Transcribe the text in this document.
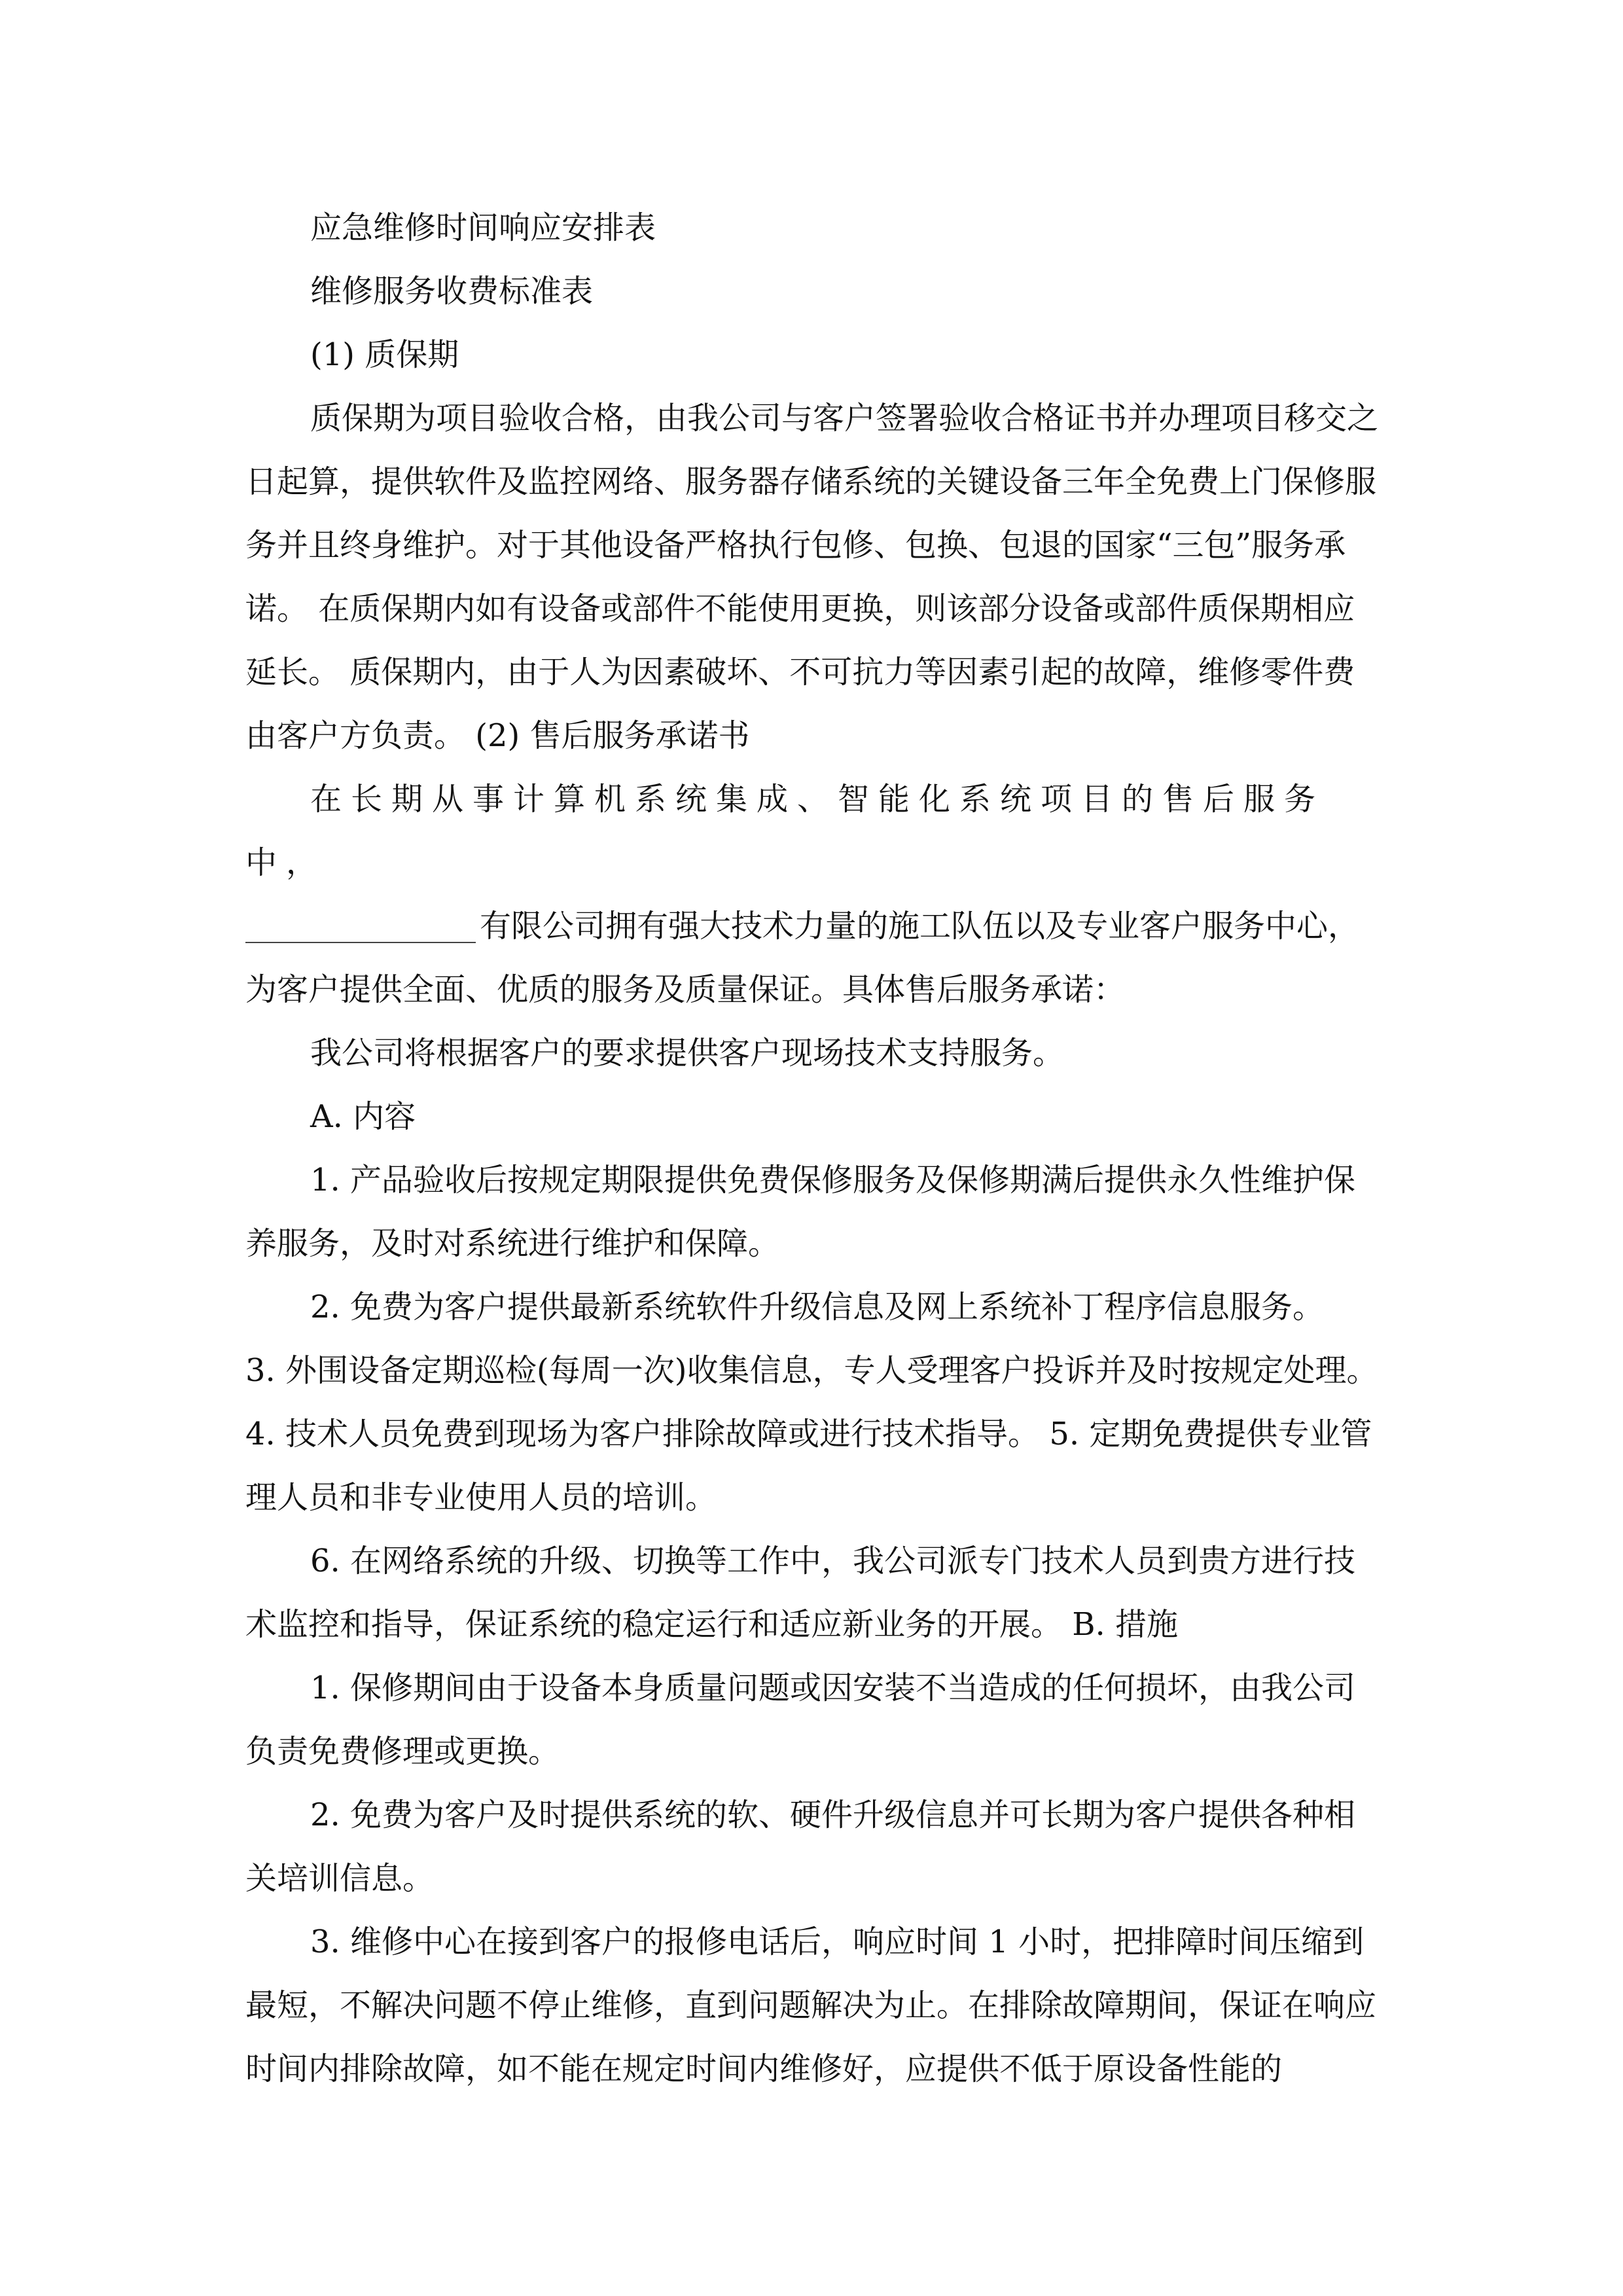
应急维修时间响应安排表

维修服务收费标准表

(1) 质保期

质保期为项目验收合格，由我公司与客户签署验收合格证书并办理项目移交之日起算，提供软件及监控网络、服务器存储系统的关键设备三年全免费上门保修服务并且终身维护。对于其他设备严格执行包修、包换、包退的国家“三包”服务承诺。 在质保期内如有设备或部件不能使用更换，则该部分设备或部件质保期相应延长。 质保期内，由于人为因素破坏、不可抗力等因素引起的故障，维修零件费由客户方负责。 (2) 售后服务承诺书

在长期从事计算机系统集成、智能化系统项目的售后服务中，

有限公司拥有强大技术力量的施工队伍以及专业客户服务中心，为客户提供全面、优质的服务及质量保证。具体售后服务承诺：

我公司将根据客户的要求提供客户现场技术支持服务。

A. 内容

1. 产品验收后按规定期限提供免费保修服务及保修期满后提供永久性维护保养服务，及时对系统进行维护和保障。

2. 免费为客户提供最新系统软件升级信息及网上系统补丁程序信息服务。

3. 外围设备定期巡检(每周一次)收集信息，专人受理客户投诉并及时按规定处理。 4. 技术人员免费到现场为客户排除故障或进行技术指导。 5. 定期免费提供专业管理人员和非专业使用人员的培训。

6. 在网络系统的升级、切换等工作中，我公司派专门技术人员到贵方进行技术监控和指导，保证系统的稳定运行和适应新业务的开展。 B. 措施

1. 保修期间由于设备本身质量问题或因安装不当造成的任何损坏，由我公司负责免费修理或更换。

2. 免费为客户及时提供系统的软、硬件升级信息并可长期为客户提供各种相关培训信息。

3. 维修中心在接到客户的报修电话后，响应时间 1 小时，把排障时间压缩到最短，不解决问题不停止维修，直到问题解决为止。在排除故障期间，保证在响应时间内排除故障，如不能在规定时间内维修好，应提供不低于原设备性能的
